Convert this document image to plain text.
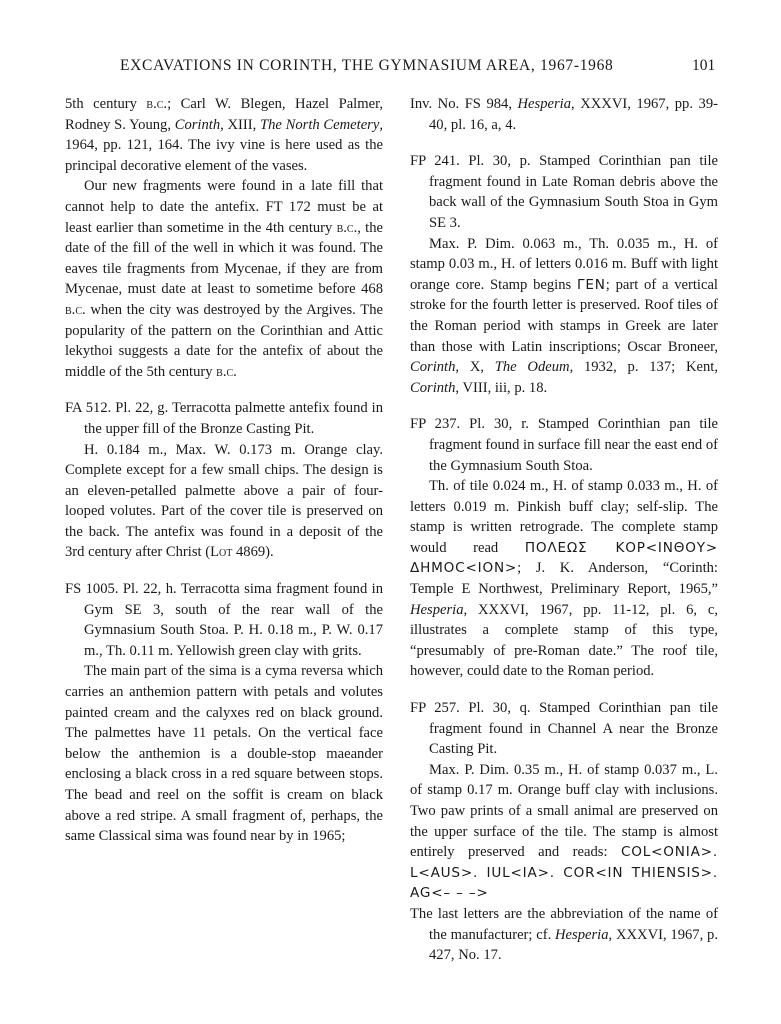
EXCAVATIONS IN CORINTH, THE GYMNASIUM AREA, 1967-1968	101

5th century b.c.; Carl W. Blegen, Hazel Palmer, Rodney S. Young, Corinth, XIII, The North Cemetery, 1964, pp. 121, 164. The ivy vine is here used as the principal decorative element of the vases.

Our new fragments were found in a late fill that cannot help to date the antefix. FT 172 must be at least earlier than sometime in the 4th century b.c., the date of the fill of the well in which it was found. The eaves tile fragments from Mycenae, if they are from Mycenae, must date at least to sometime before 468 b.c. when the city was destroyed by the Argives. The popularity of the pattern on the Corinthian and Attic lekythoi suggests a date for the antefix of about the middle of the 5th century b.c.

FA 512. Pl. 22, g. Terracotta palmette antefix found in the upper fill of the Bronze Casting Pit.

H. 0.184 m., Max. W. 0.173 m. Orange clay. Complete except for a few small chips. The design is an eleven-petalled palmette above a pair of four-looped volutes. Part of the cover tile is preserved on the back. The antefix was found in a deposit of the 3rd century after Christ (Lot 4869).

FS 1005. Pl. 22, h. Terracotta sima fragment found in Gym SE 3, south of the rear wall of the Gymnasium South Stoa. P. H. 0.18 m., P. W. 0.17 m., Th. 0.11 m. Yellowish green clay with grits.

The main part of the sima is a cyma reversa which carries an anthemion pattern with petals and volutes painted cream and the calyxes red on black ground. The palmettes have 11 petals. On the vertical face below the anthemion is a double-stop maeander enclosing a black cross in a red square between stops. The bead and reel on the soffit is cream on black above a red stripe. A small fragment of, perhaps, the same Classical sima was found near by in 1965;

Inv. No. FS 984, Hesperia, XXXVI, 1967, pp. 39-40, pl. 16, a, 4.

FP 241. Pl. 30, p. Stamped Corinthian pan tile fragment found in Late Roman debris above the back wall of the Gymnasium South Stoa in Gym SE 3.

Max. P. Dim. 0.063 m., Th. 0.035 m., H. of stamp 0.03 m., H. of letters 0.016 m. Buff with light orange core. Stamp begins ΓΕΝ; part of a vertical stroke for the fourth letter is preserved. Roof tiles of the Roman period with stamps in Greek are later than those with Latin inscriptions; Oscar Broneer, Corinth, X, The Odeum, 1932, p. 137; Kent, Corinth, VIII, iii, p. 18.

FP 237. Pl. 30, r. Stamped Corinthian pan tile fragment found in surface fill near the east end of the Gymnasium South Stoa.

Th. of tile 0.024 m., H. of stamp 0.033 m., H. of letters 0.019 m. Pinkish buff clay; self-slip. The stamp is written retrograde. The complete stamp would read ΠΟΛΕΩΣ ΚΟΡ<ΙΝΘΟΥ> ΔΗΜΟC<ΙΟΝ>; J. K. Anderson, “Corinth: Temple E Northwest, Preliminary Report, 1965,” Hesperia, XXXVI, 1967, pp. 11-12, pl. 6, c, illustrates a complete stamp of this type, “presumably of pre-Roman date.” The roof tile, however, could date to the Roman period.

FP 257. Pl. 30, q. Stamped Corinthian pan tile fragment found in Channel A near the Bronze Casting Pit.

Max. P. Dim. 0.35 m., H. of stamp 0.037 m., L. of stamp 0.17 m. Orange buff clay with inclusions. Two paw prints of a small animal are preserved on the upper surface of the tile. The stamp is almost entirely preserved and reads: COL<ONIA>. L<AUS>. IUL<IA>. COR<IN THIENSIS>. AG<– – –>

The last letters are the abbreviation of the name of the manufacturer; cf. Hesperia, XXXVI, 1967, p. 427, No. 17.
